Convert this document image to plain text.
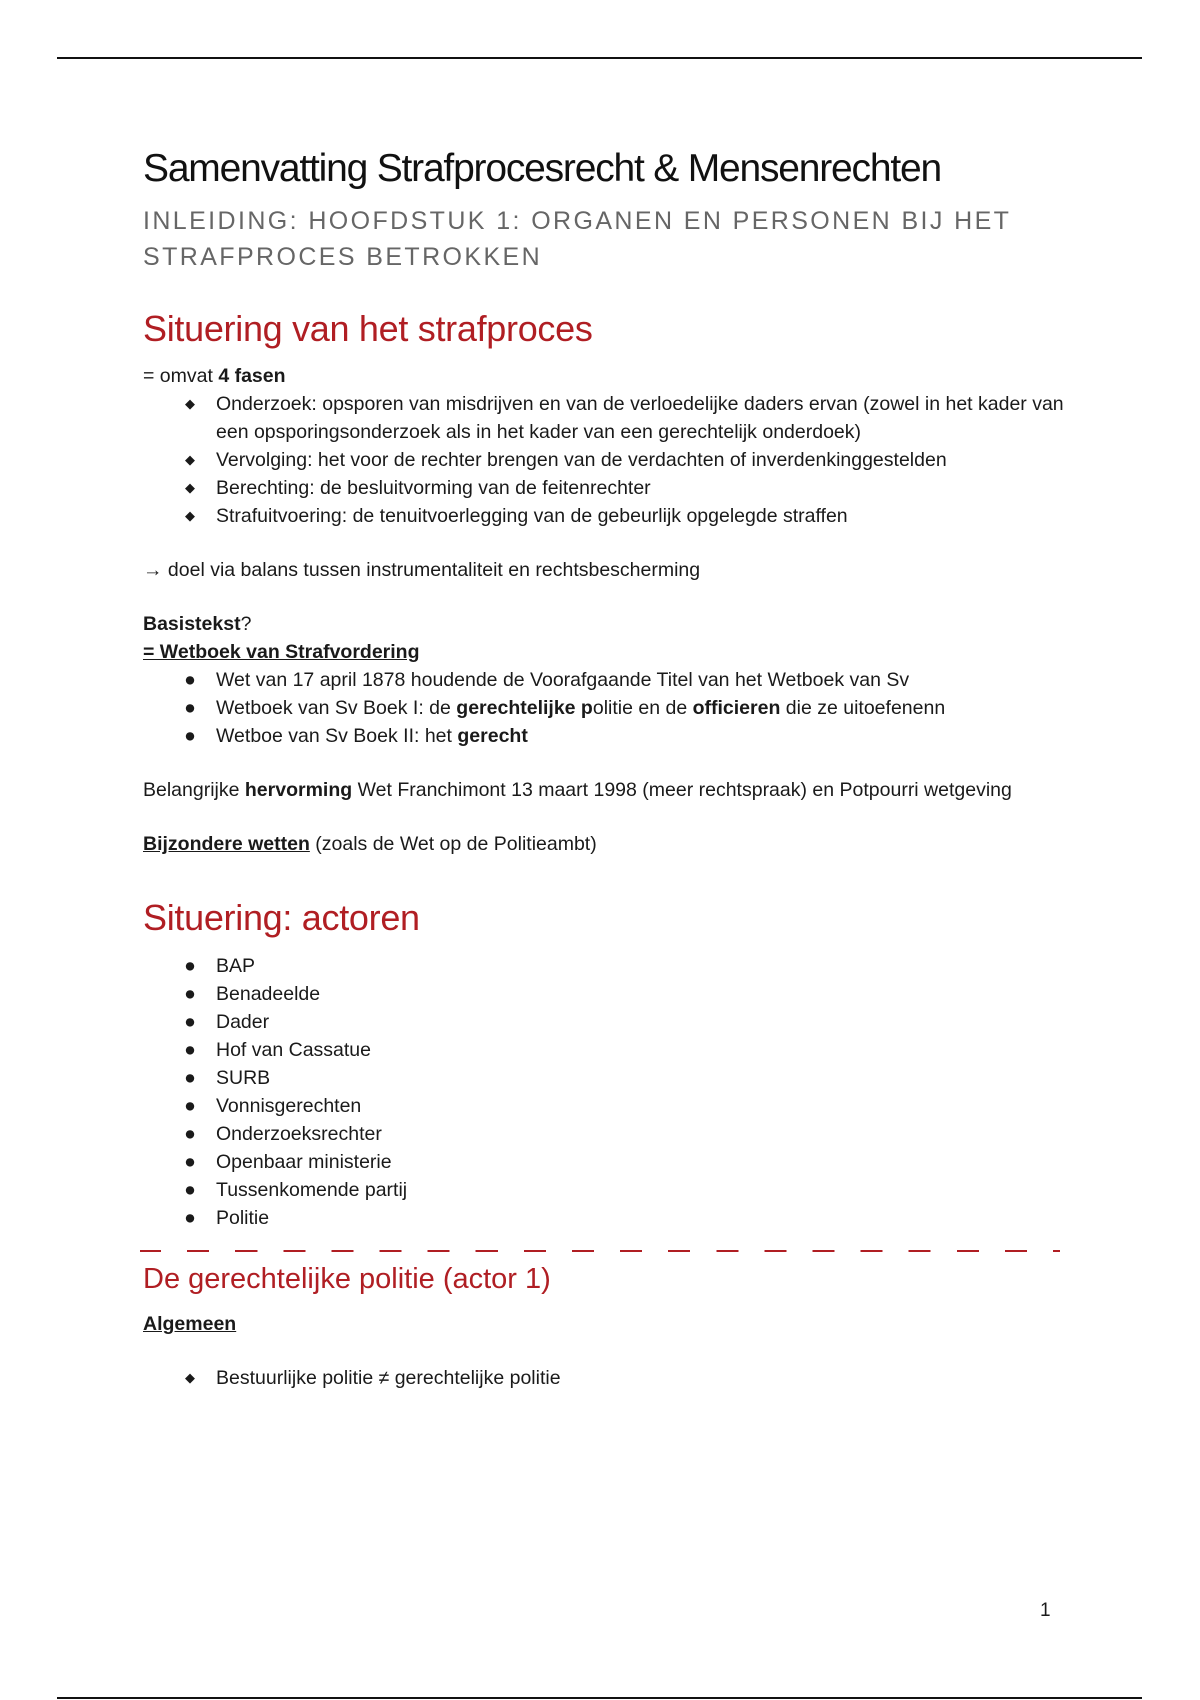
Samenvatting Strafprocesrecht & Mensenrechten
INLEIDING: HOOFDSTUK 1: ORGANEN EN PERSONEN BIJ HET STRAFPROCES BETROKKEN
Situering van het strafproces

= omvat 4 fasen

◆ Onderzoek: opsporen van misdrijven en van de verloedelijke daders ervan (zowel in het kader van een opsporingsonderzoek als in het kader van een gerechtelijk onderdoek)
◆ Vervolging: het voor de rechter brengen van de verdachten of inverdenkinggestelden
◆ Berechting: de besluitvorming van de feitenrechter
◆ Strafuitvoering: de tenuitvoerlegging van de gebeurlijk opgelegde straffen

→ doel via balans tussen instrumentaliteit en rechtsbescherming

Basistekst?

= Wetboek van Strafvordering

● Wet van 17 april 1878 houdende de Voorafgaande Titel van het Wetboek van Sv
● Wetboek van Sv Boek I: de gerechtelijke politie en de officieren die ze uitoefenenn
● Wetboe van Sv Boek II: het gerecht

Belangrijke hervorming Wet Franchimont 13 maart 1998 (meer rechtspraak) en Potpourri wetgeving

Bijzondere wetten (zoals de Wet op de Politieambt)

Situering: actoren
● BAP
● Benadeelde
● Dader
● Hof van Cassatue
● SURB
● Vonnisgerechten
● Onderzoeksrechter
● Openbaar ministerie
● Tussenkomende partij
● Politie
De gerechtelijke politie (actor 1)

Algemeen

◆ Bestuurlijke politie ≠ gerechtelijke politie
1
